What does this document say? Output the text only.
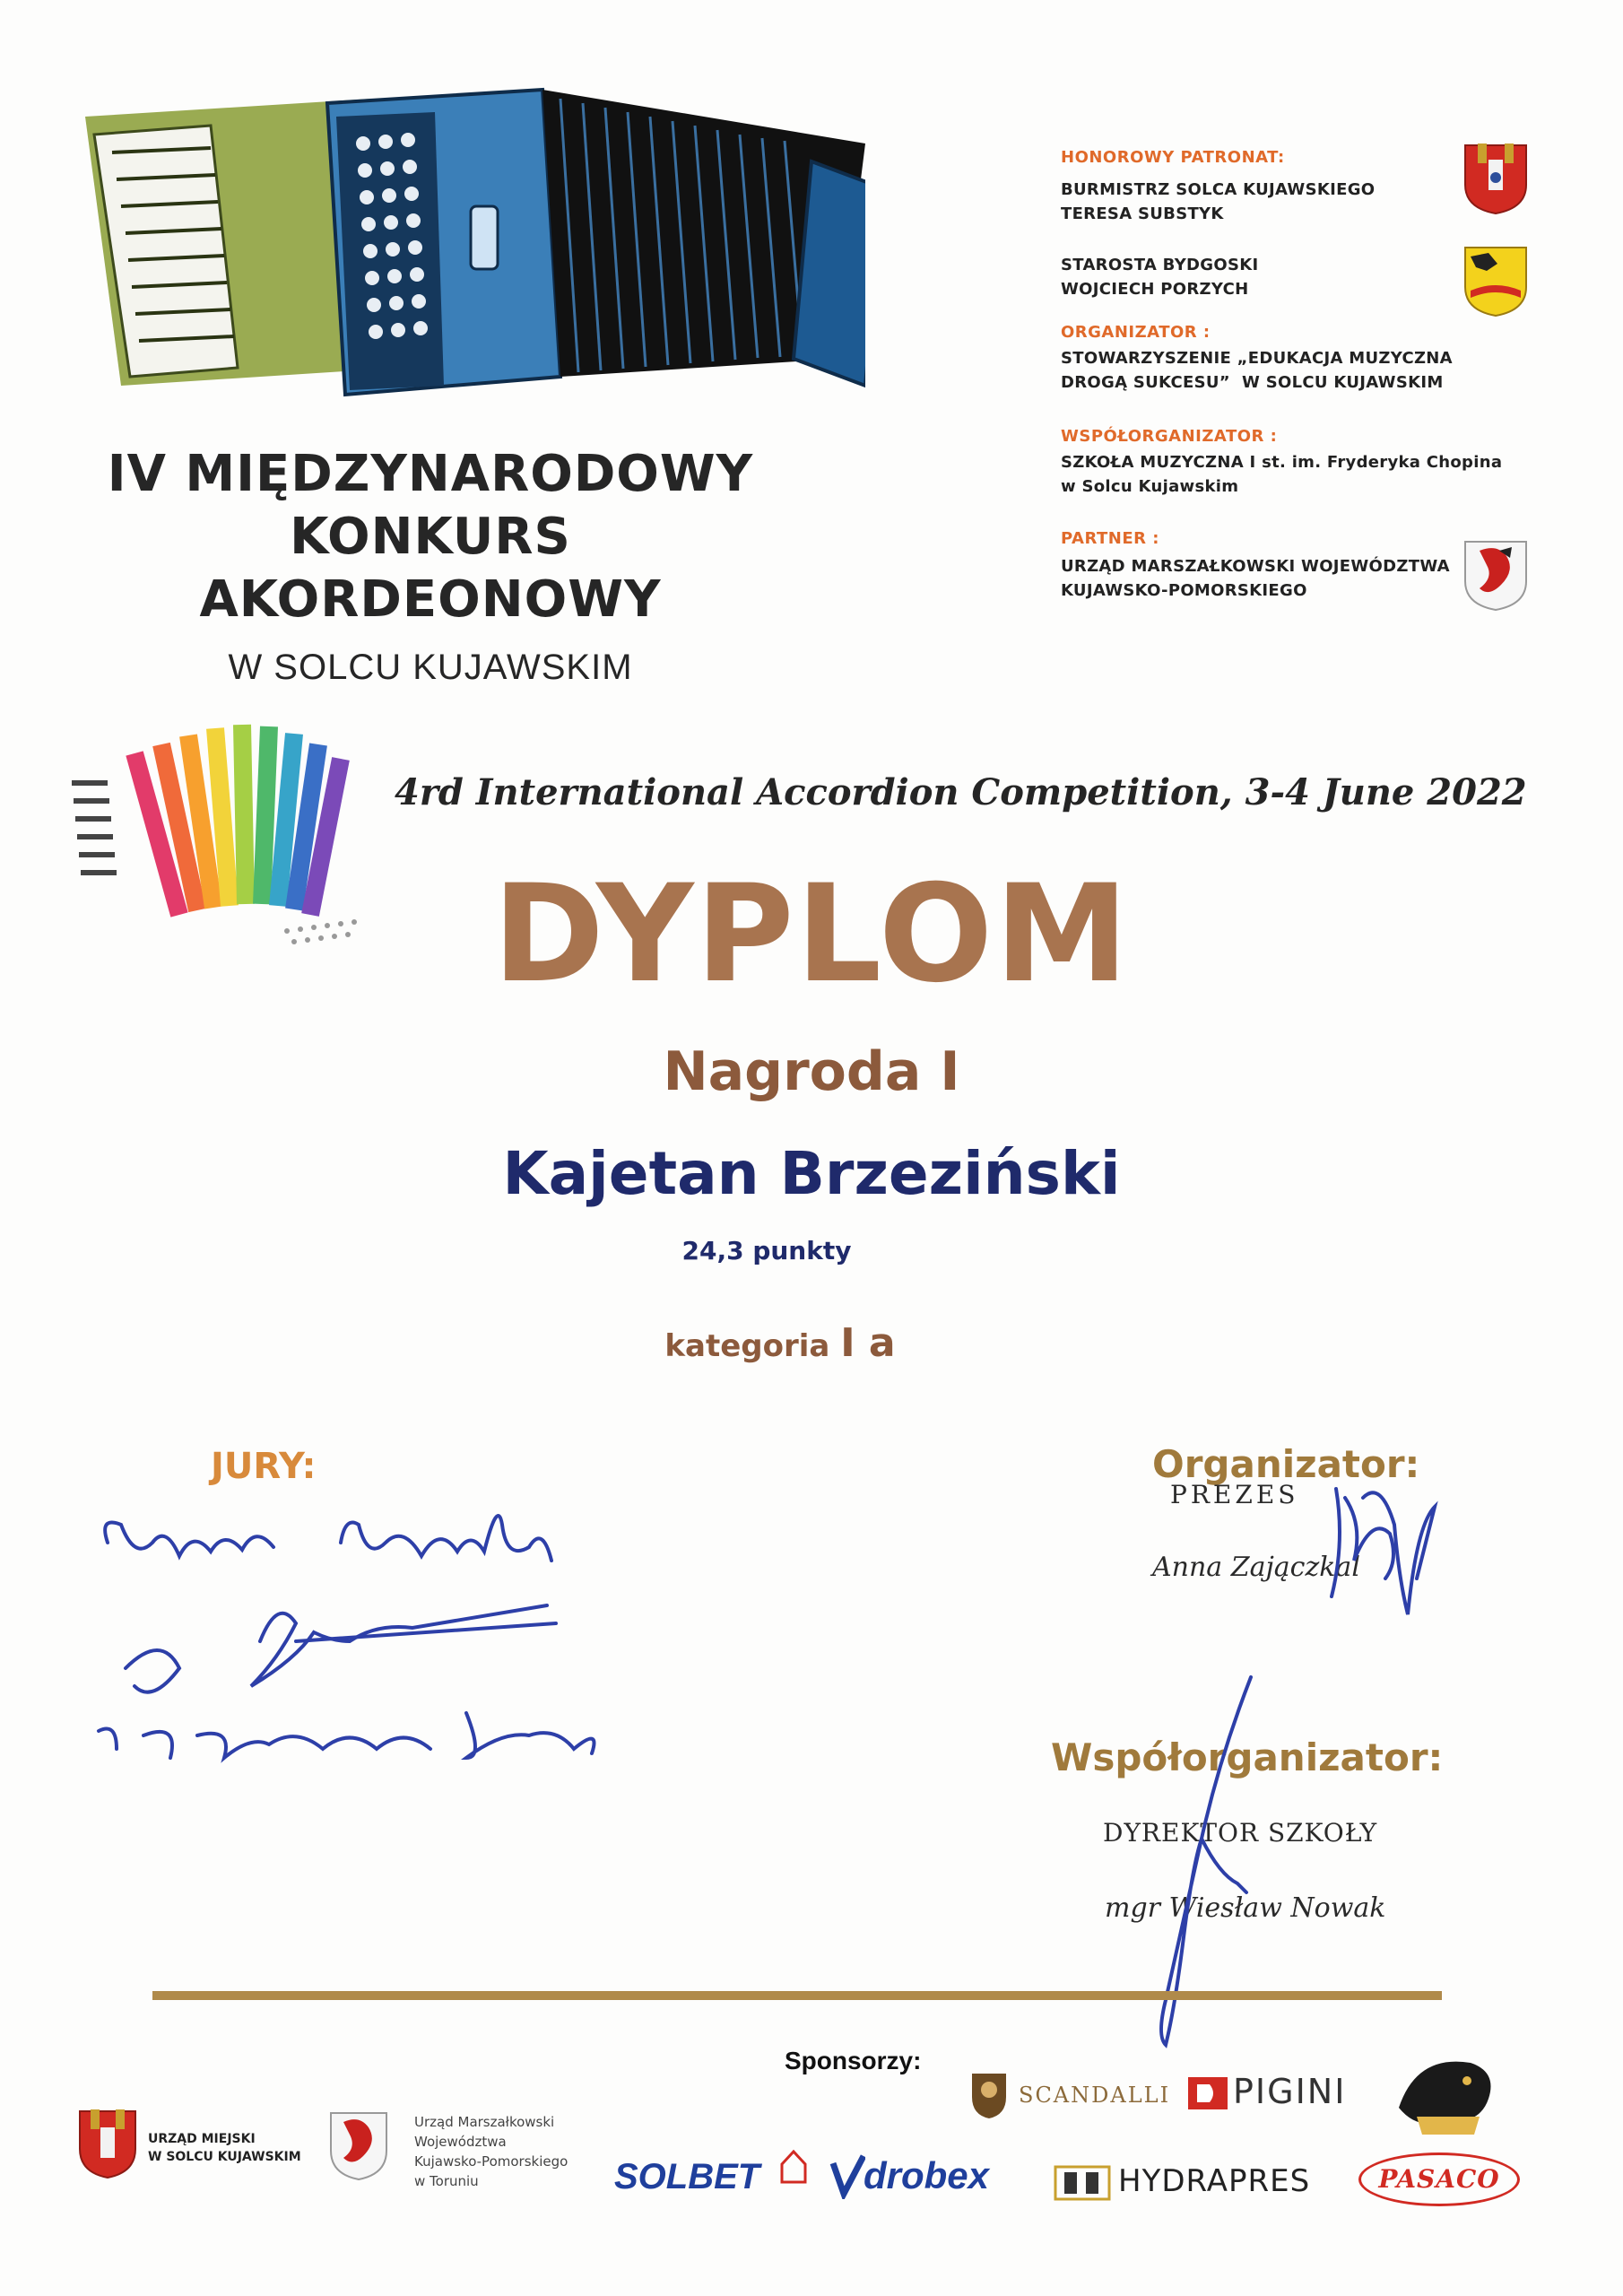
IV MIĘDZYNARODOWY
KONKURS
AKORDEONOWY
W SOLCU KUJAWSKIM
HONOROWY PATRONAT:
BURMISTRZ SOLCA KUJAWSKIEGO
TERESA SUBSTYK
STAROSTA BYDGOSKI
WOJCIECH PORZYCH
ORGANIZATOR :
STOWARZYSZENIE „EDUKACJA MUZYCZNA
DROGĄ SUKCESU”  W SOLCU KUJAWSKIM
WSPÓŁORGANIZATOR :
SZKOŁA MUZYCZNA I st. im. Fryderyka Chopina
w Solcu Kujawskim
PARTNER :
URZĄD MARSZAŁKOWSKI WOJEWÓDZTWA
KUJAWSKO-POMORSKIEGO
4rd International Accordion Competition, 3-4 June 2022
DYPLOM
Nagroda I
Kajetan Brzeziński
24,3 punkty
kategoria I a
JURY:	Organizator:
PREZES
Anna Zajączkal
Współorganizator:
DYREKTOR SZKOŁY
mgr Wiesław Nowak
Sponsorzy:
URZĄD MIEJSKI
W SOLCU KUJAWSKIM
Urząd Marszałkowski
Województwa
Kujawsko-Pomorskiego
w Toruniu
SCANDALLI PIGINI
SOLBET	drobex	HYDRAPRES	PASACO
